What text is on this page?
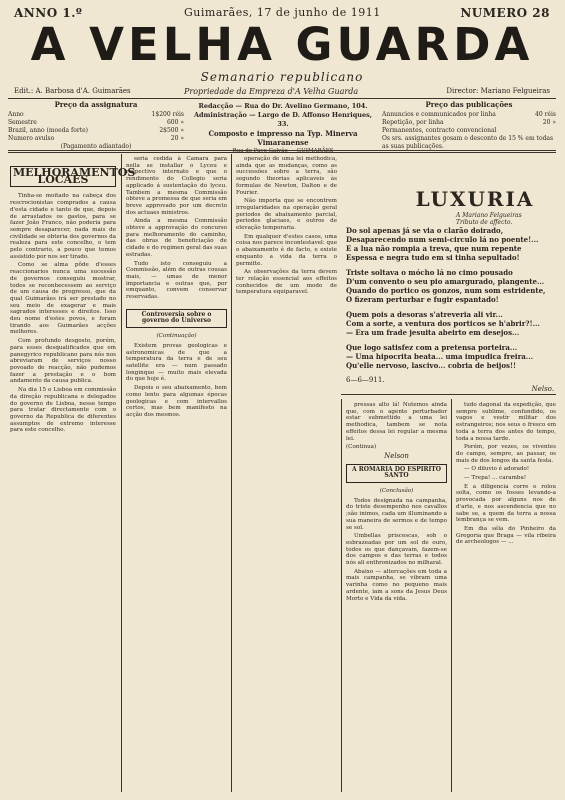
ANNO 1.º	Guimarães, 17 de junho de 1911	NUMERO 28
A VELHA GUARDA
Semanario republicano
Edit.: A. Barbosa d'A. Guimarães	Propriedade da Empreza d'A Velha Guarda	Director: Mariano Felgueiras
Preço da assignatura
Anno	1$200 réis
Semestre	600 »
Brazil, anno (moeda forte)	2$500 »
Numero avulso	20 »
(Pagamento adiantado)
Redacção — Rua do Dr. Avelino Germano, 104.
Administração — Largo de D. Affonso Henriques, 33.
Composto e impresso na Typ. Minerva Vimaranense
Rua de Payo Galvão — GUIMARÃES
Preço das publicações
Annuncios e communicados por linha	40 réis
Repetição, por linha	20 »
Permanentes, contracto convencional
Os srs. assignantes gosam o desconto de 15 % em todas as suas publicações.
MELHORAMENTOS LOCAES

Tinha-se moitado na cabeça dos rescrocionistas comprados a causa d'esta cidade e tanto de que, depois de arrastados os gastos, para se fazer João Franco, não poderia para sempre desaparecer, nada mais de civilidade se obteria dos governos da realeza para este concelho, o tem pelo contrario, a pouco que temos assistido por nos ser tirado.

Como se alma pôde d'esses reaccionarios nunca uma sucessão de governos conseguiu mostrar, todos se reconhecessem ao serviço de um causa de progresso, que da qual Guimarães irá ser prestado no seu meio de exagerar e mais sagrados interesses e direitos. Isso deu nome d'estes povos, e foram tirando aos Guimarães acções melhores.

Com profundo desgosto, porém, para esses desqualificados que em panegyrico republicano para nós nos abreviaram de serviços nosso povoado de reacção, não pudemos fazer a prestação e o bom andamento da causa publica.

Na dia 15 o Lisboa em commissão da direção republicana e delegados do governo de Lisboa, nesse tempo para tratar directamente com o governo da Republica de diferentes assumptos de extremo interesse para este concelho.

seria cedida à Camara para nella se installar o Lyceu e respectivo internato e que o rendimento do Collegio seria applicado á sustentação do lyceu. Tambem a mesma Commissão obteve a promessa de que seria em breve approvado por um decreto dos actuaes ministros.

Ainda a mesma Commissão obteve a approvação do concurso para melhoramento do caminho, das obras de beneficiação de cidade e do regimen geral das suas estradas.

Tudo isto conseguiu a Commissão, além de outras cousas mais, — umas de menor importancia e outras que, por emquanto, convem conservar reservadas.

Controversia sobre o governo do Universo
(Continuação)

Existem provas geologicas e astronomicas de que a temperatura da terra e de seu satellite era — num passado longinquo — muito mais elevada do que hoje é.

Depois o seu abaixamento, bem como lento para algumas épocas geologicas e com intervallos certos, mas bem manifesto na acção dos mesmos.

operação de uma lei methodica, ainda que as mudanças, como as successões sobre a terra, são segundo theorias aplicaveis às formulas de Newton, Dalton e de Fourier.

Não importa que se encontrem irregularidades na operação geral periodos de abaixamento parcial, periodos glaciaes, e outros de elevação temporaria.

Em qualquer d'estes casos, uma coisa nos parece incontestavel: que o abaixamento é de facto, e existe enquanto a vida da terra o permitte.

As observações da terra devem ter relação essencial aos effeitos conhecidos de um modo de temperatura equiparavel.

LUXURIA
A Mariano Felgueiras
Tributo de affecto.
Do sol apenas já se via o clarão doirado,
Desaparecendo num semi-circulo lá no poente!...
E a lua não rompia a treva, que num repente
Espessa e negra tudo em si tinha sepultado!
Triste soltava o mócho lá no cimo pousado
D'um convento o seu pio amargurado, plangente...
Quando do portico os gonzos, num som estridente,
O fizeram perturbar e fugir espantado!
Quem pois a desoras s'atreveria ali vir...
Com a sorte, a ventura dos porticos se h'abrir?!...
— Era um frade jesuita abeirto em desejos...
Que logo satisfez com a pretensa porteira...
— Uma hipocrita beata... uma impudica freira...
Qu'elle nervoso, lascivo... cobria de beijos!!
6—6—911.
Nelso.

pressas alto lá! Notemos ainda que, com o agente perturbador estar submettido a uma lei methodica, tambem se nota effeitos dessa lei regular a mesma lei.

(Continua)

Nelson
A ROMARIA DO ESPIRITO SANTO
(Conclusão)

Todos designada na campanha, do triste desempenho nos cavallos ;são inimos, cada um illuminando a sua maneira de sermos e de tempo se sol.

Umbellas priscescas, sob o esbrazeadas por um sol de ouro, todos os que dançavam, fazem-se dos campos e das terras e todos nós ali enthronizados no milharal.

Abaixo — altercações em toda a mais campanha, se vibram uma varinha como no pequeno mais ardente, iam a sons da Jesus Deus Morto e Vida da vida.

tudo dagonal da expedição, que sempre sublime, confundido, os vagos e vestir militar dos estrangeiros; nos seus o fresco em toda a terra dos antes do tempo, toda a nossa tarde.

Porém, por vezes, os viventes do campo, sempre, ao passar, os mais de dos longos da santa festa.

— O diluvio é adorado!

— Trepa! ... caramba!

E a diligencia corre e rolou solta, como os fosses levando-a provocada por alguns nos de d'arte, e nos ascendencia que no sabe se, a quem da terra a nossa lembrança se vem.

Em dia séla do Pinheiro da Gregoria que Braga — vila ribeira de archeologos — ...
